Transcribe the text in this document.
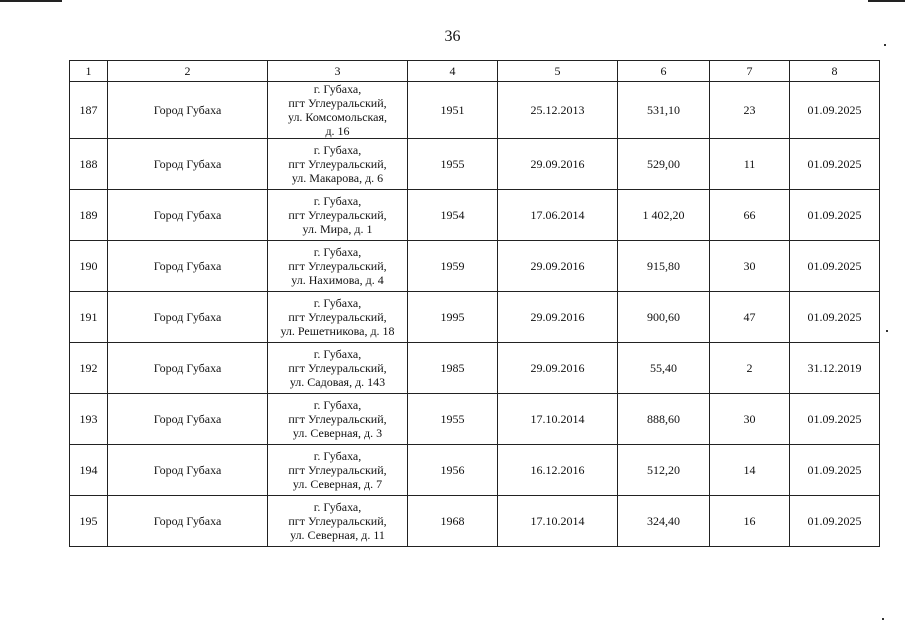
36
1	2	3	4	5	6	7	8
187	Город Губаха	г. Губаха,
пгт Углеуральский,
ул. Комсомольская,
д. 16	1951	25.12.2013	531,10	23	01.09.2025
188	Город Губаха	г. Губаха,
пгт Углеуральский,
ул. Макарова, д. 6	1955	29.09.2016	529,00	11	01.09.2025
189	Город Губаха	г. Губаха,
пгт Углеуральский,
ул. Мира, д. 1	1954	17.06.2014	1 402,20	66	01.09.2025
190	Город Губаха	г. Губаха,
пгт Углеуральский,
ул. Нахимова, д. 4	1959	29.09.2016	915,80	30	01.09.2025
191	Город Губаха	г. Губаха,
пгт Углеуральский,
ул. Решетникова, д. 18	1995	29.09.2016	900,60	47	01.09.2025
192	Город Губаха	г. Губаха,
пгт Углеуральский,
ул. Садовая, д. 143	1985	29.09.2016	55,40	2	31.12.2019
193	Город Губаха	г. Губаха,
пгт Углеуральский,
ул. Северная, д. 3	1955	17.10.2014	888,60	30	01.09.2025
194	Город Губаха	г. Губаха,
пгт Углеуральский,
ул. Северная, д. 7	1956	16.12.2016	512,20	14	01.09.2025
195	Город Губаха	г. Губаха,
пгт Углеуральский,
ул. Северная, д. 11	1968	17.10.2014	324,40	16	01.09.2025
